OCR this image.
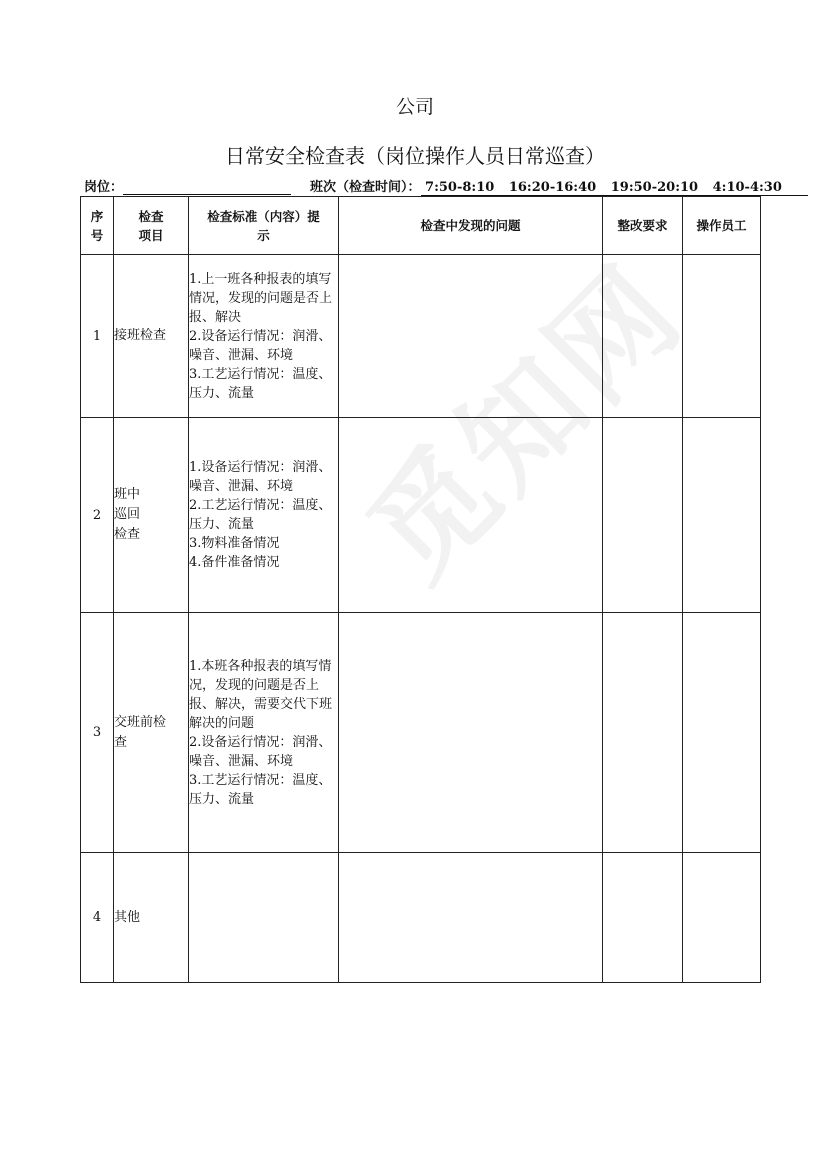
觅知网
公司
日常安全检查表（岗位操作人员日常巡查）
岗位：	班次（检查时间）： 7:50-8:10 16:20-16:40 19:50-20:10 4:10-4:30
序号	检查项目	检查标准（内容）提示	检查中发现的问题	整改要求	操作员工
1	接班检查	1.上一班各种报表的填写情况，发现的问题是否上报、解决
2.设备运行情况：润滑、噪音、泄漏、环境
3.工艺运行情况：温度、压力、流量			

2	班中巡回检查	1.设备运行情况：润滑、噪音、泄漏、环境
2.工艺运行情况：温度、压力、流量
3.物料准备情况
4.备件准备情况			

3	交班前检查	1.本班各种报表的填写情况，发现的问题是否上报、解决，需要交代下班解决的问题
2.设备运行情况：润滑、噪音、泄漏、环境
3.工艺运行情况：温度、压力、流量			

4	其他				
